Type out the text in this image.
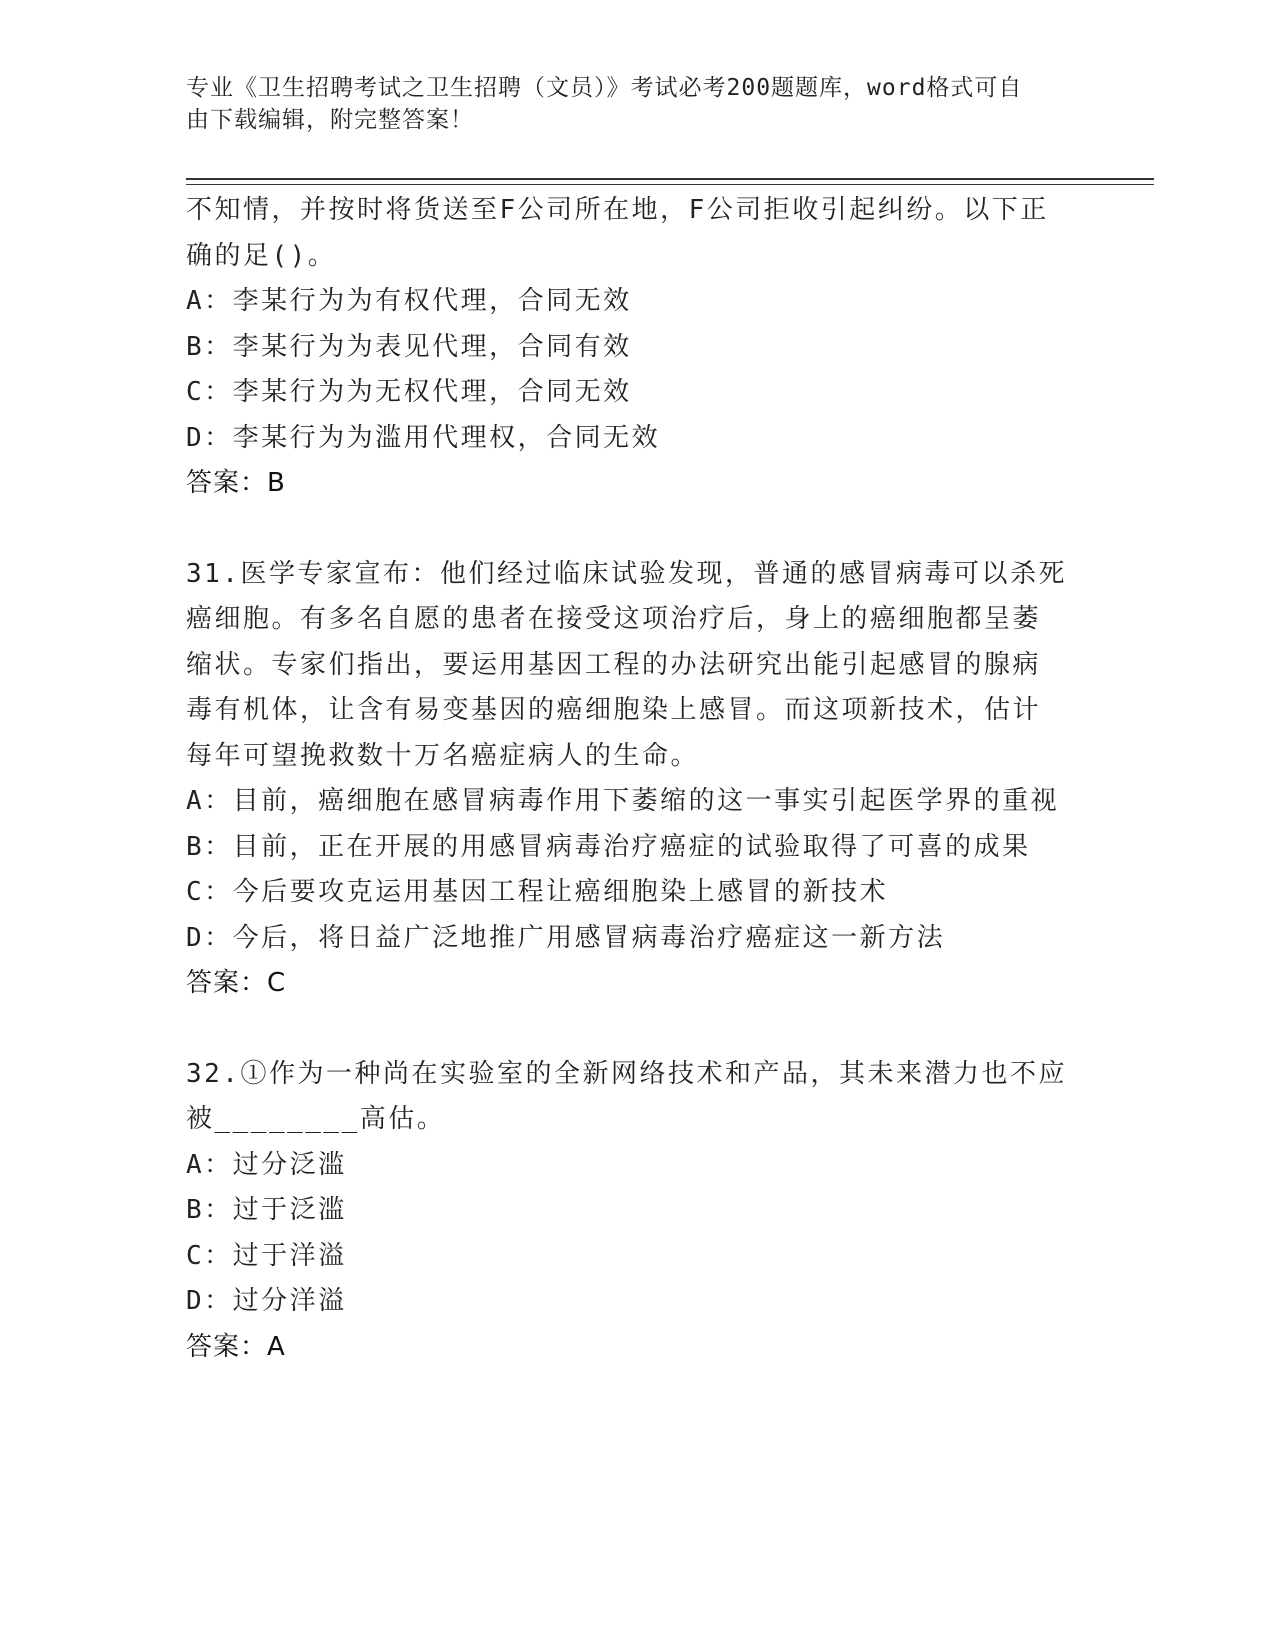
专业《卫生招聘考试之卫生招聘（文员）》考试必考200题题库，word格式可自
由下载编辑，附完整答案！
不知情，并按时将货送至F公司所在地，F公司拒收引起纠纷。以下正
确的足()。
A：李某行为为有权代理，合同无效
B：李某行为为表见代理，合同有效
C：李某行为为无权代理，合同无效
D：李某行为为滥用代理权，合同无效
答案：B
31.医学专家宣布：他们经过临床试验发现，普通的感冒病毒可以杀死
癌细胞。有多名自愿的患者在接受这项治疗后，身上的癌细胞都呈萎
缩状。专家们指出，要运用基因工程的办法研究出能引起感冒的腺病
毒有机体，让含有易变基因的癌细胞染上感冒。而这项新技术，估计
每年可望挽救数十万名癌症病人的生命。
A：目前，癌细胞在感冒病毒作用下萎缩的这一事实引起医学界的重视
B：目前，正在开展的用感冒病毒治疗癌症的试验取得了可喜的成果
C：今后要攻克运用基因工程让癌细胞染上感冒的新技术
D：今后，将日益广泛地推广用感冒病毒治疗癌症这一新方法
答案：C
32.①作为一种尚在实验室的全新网络技术和产品，其未来潜力也不应
被________高估。
A：过分泛滥
B：过于泛滥
C：过于洋溢
D：过分洋溢
答案：A
